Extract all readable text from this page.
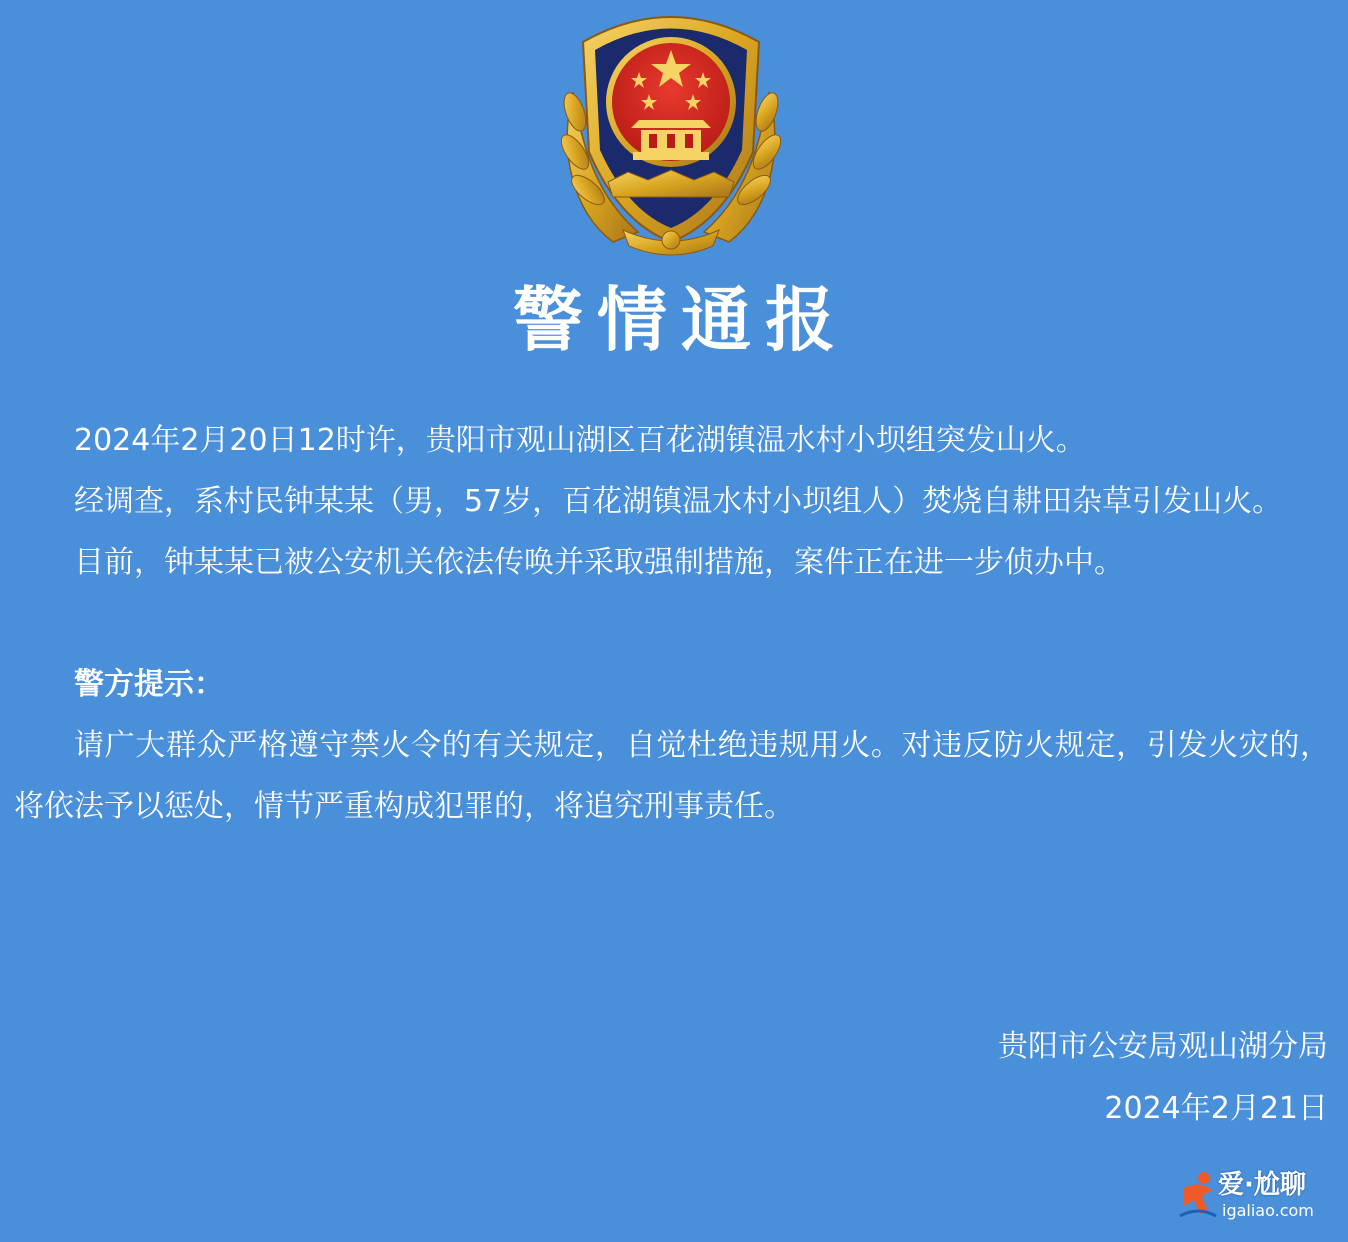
警情通报

2024年2月20日12时许，贵阳市观山湖区百花湖镇温水村小坝组突发山火。

经调查，系村民钟某某（男，57岁，百花湖镇温水村小坝组人）焚烧自耕田杂草引发山火。

目前，钟某某已被公安机关依法传唤并采取强制措施，案件正在进一步侦办中。

警方提示：

请广大群众严格遵守禁火令的有关规定，自觉杜绝违规用火。对违反防火规定，引发火灾的，将依法予以惩处，情节严重构成犯罪的，将追究刑事责任。

贵阳市公安局观山湖分局
2024年2月21日
爱·尬聊
igaliao.com
